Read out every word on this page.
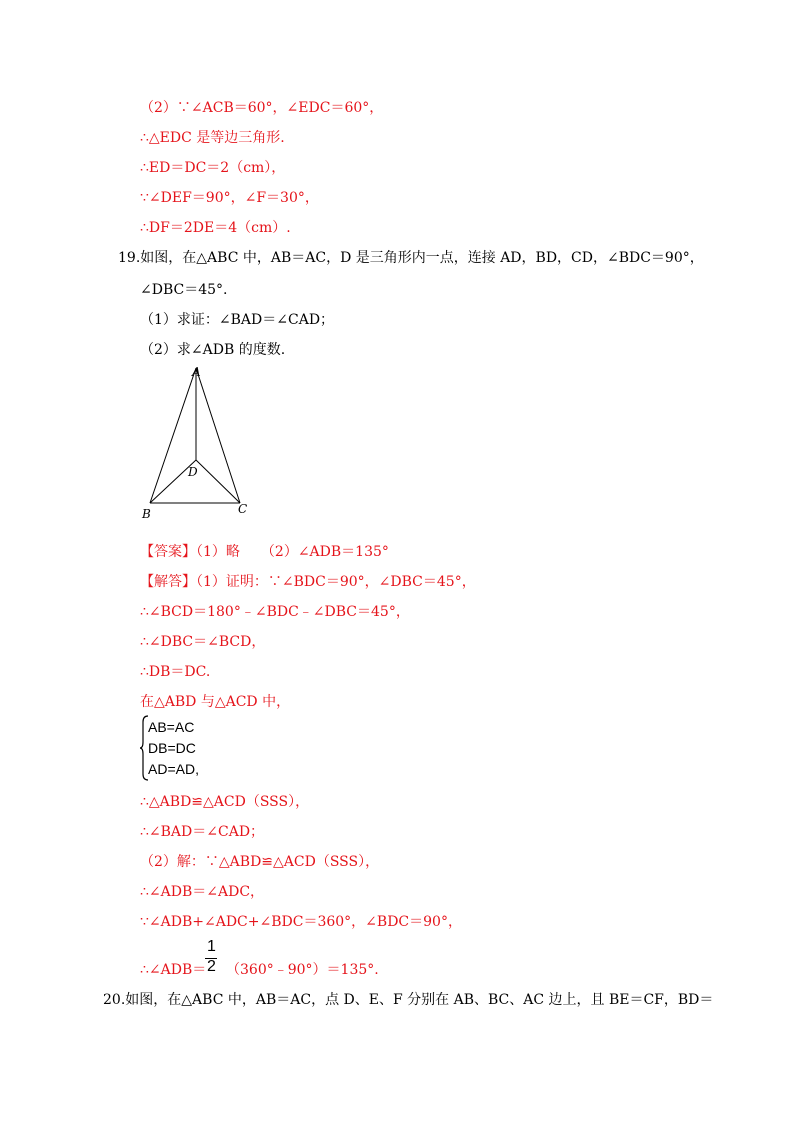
（2）∵∠ACB＝60°，∠EDC＝60°，
∴△EDC 是等边三角形.
∴ED＝DC＝2（cm），
∵∠DEF＝90°，∠F＝30°，
∴DF＝2DE＝4（cm）.
19.如图，在△ABC 中，AB＝AC，D 是三角形内一点，连接 AD，BD，CD，∠BDC＝90°，
∠DBC＝45°.
（1）求证：∠BAD＝∠CAD；
（2）求∠ADB 的度数.
A
D
B	C
【答案】（1）略　　（2）∠ADB＝135°
【解答】（1）证明：∵∠BDC＝90°，∠DBC＝45°，
∴∠BCD＝180°﹣∠BDC﹣∠DBC＝45°，
∴∠DBC＝∠BCD，
∴DB＝DC.
在△ABD 与△ACD 中，
AB=AC
DB=DC
AD=AD,
∴△ABD≌△ACD（SSS），
∴∠BAD＝∠CAD；
（2）解：∵△ABD≌△ACD（SSS），
∴∠ADB＝∠ADC，
∵∠ADB+∠ADC+∠BDC＝360°，∠BDC＝90°，
∴∠ADB＝
1
2 （360°﹣90°）＝135°.
20.如图，在△ABC 中，AB＝AC，点 D、E、F 分别在 AB、BC、AC 边上，且 BE＝CF，BD＝
